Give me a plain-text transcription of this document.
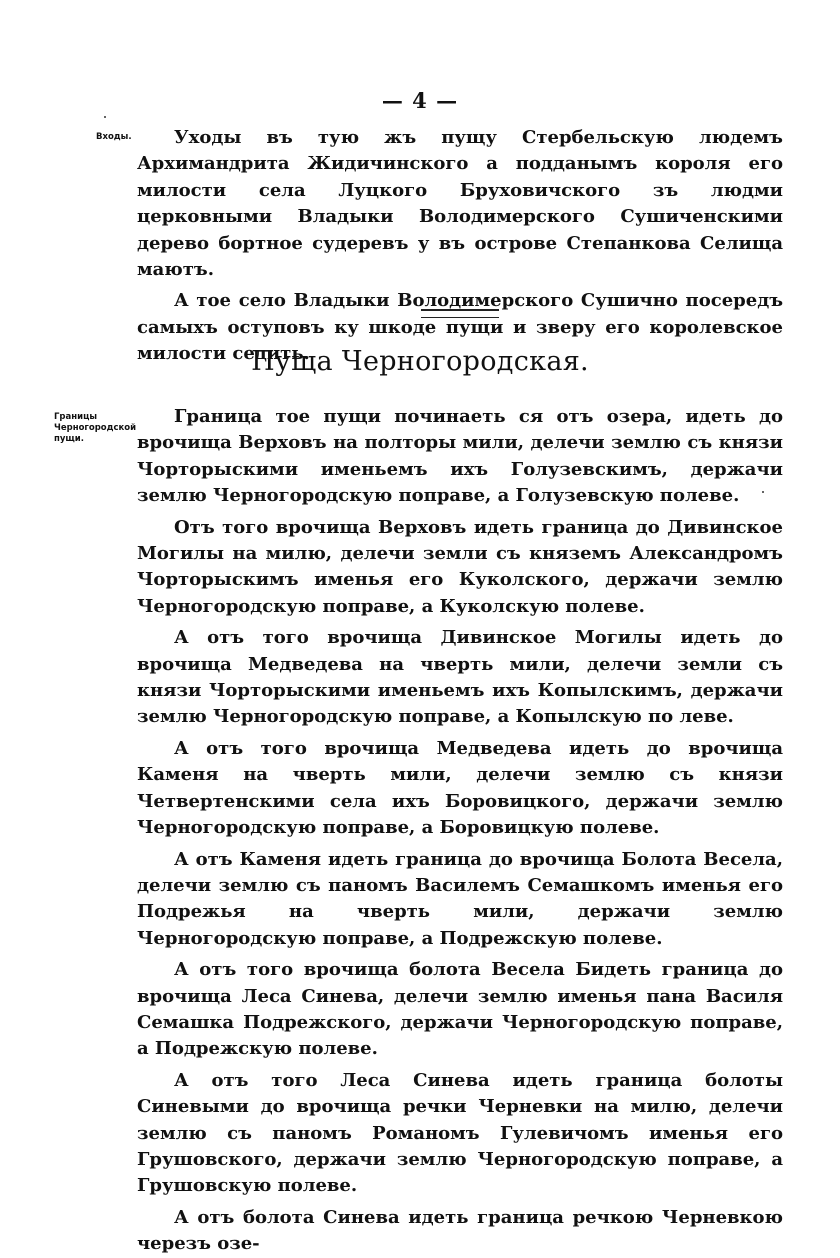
— 4 —
Входы.	Уходы въ тую жъ пущу Стербельскую людемъ Архимандрита Жидичинского а подданымъ короля его милости села Луцкого Бруховичского зъ людми церковными Владыки Володимерского Сушиченскими дерево бортное судеревъ у въ острове Степанкова Селища маютъ.

А тое село Владыки Володимерского Сушично посередъ самыхъ оступовъ ку шкоде пущи и зверу его королевское милости седить.

Пуща Черногородская.
Границы Черногородской пущи.

Граница тое пущи починаеть ся отъ озера, идеть до врочища Верховъ на полторы мили, делечи землю съ князи Чорторыскими именьемъ ихъ Голузевскимъ, держачи землю Черногородскую поправе, а Голузевскую полеве.

Отъ того врочища Верховъ идеть граница до Дивинское Могилы на милю, делечи земли съ княземъ Александромъ Чорторыскимъ именья его Куколского, держачи землю Черногородскую поправе, а Куколскую полеве.

А отъ того врочища Дивинское Могилы идеть до врочища Медведева на чверть мили, делечи земли съ князи Чорторыскими именьемъ ихъ Копылскимъ, держачи землю Черногородскую поправе, а Копылскую по леве.

А отъ того врочища Медведева идеть до врочища Каменя на чверть мили, делечи землю съ князи Четвертенскими села ихъ Боровицкого, держачи землю Черногородскую поправе, а Боровицкую полеве.

А отъ Каменя идеть граница до врочища Болота Весела, делечи землю съ паномъ Василемъ Семашкомъ именья его Подрежья на чверть мили, держачи землю Черногородскую поправе, а Подрежскую полеве.

А отъ того врочища болота Весела Бидеть граница до врочища Леса Синева, делечи землю именья пана Василя Семашка Подрежского, держачи Черногородскую поправе, а Подрежскую полеве.

А отъ того Леса Синева идеть граница болоты Синевыми до врочища речки Черневки на милю, делечи землю съ паномъ Романомъ Гулевичомъ именья его Грушовского, держачи землю Черногородскую поправе, а Грушовскую полеве.

А отъ болота Синева идеть граница речкою Черневкою черезъ озе-
